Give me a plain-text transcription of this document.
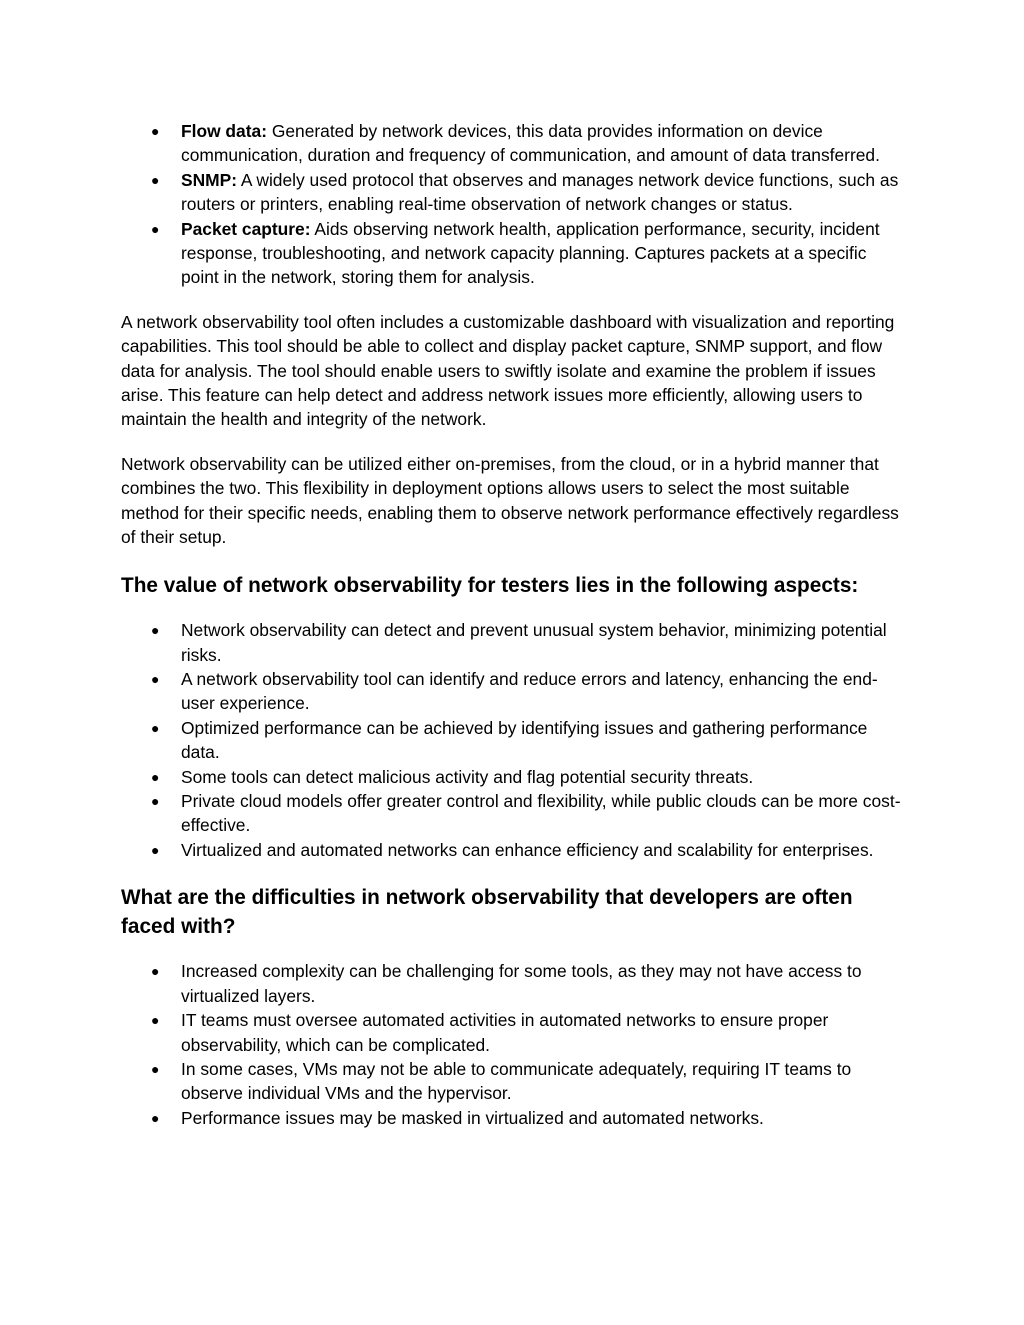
● Flow data: Generated by network devices, this data provides information on device communication, duration and frequency of communication, and amount of data transferred.
● SNMP: A widely used protocol that observes and manages network device functions, such as routers or printers, enabling real-time observation of network changes or status.
● Packet capture: Aids observing network health, application performance, security, incident response, troubleshooting, and network capacity planning. Captures packets at a specific point in the network, storing them for analysis.

A network observability tool often includes a customizable dashboard with visualization and reporting capabilities. This tool should be able to collect and display packet capture, SNMP support, and flow data for analysis. The tool should enable users to swiftly isolate and examine the problem if issues arise. This feature can help detect and address network issues more efficiently, allowing users to maintain the health and integrity of the network.

Network observability can be utilized either on-premises, from the cloud, or in a hybrid manner that combines the two. This flexibility in deployment options allows users to select the most suitable method for their specific needs, enabling them to observe network performance effectively regardless of their setup.

The value of network observability for testers lies in the following aspects:
● Network observability can detect and prevent unusual system behavior, minimizing potential risks.
● A network observability tool can identify and reduce errors and latency, enhancing the end-user experience.
● Optimized performance can be achieved by identifying issues and gathering performance data.
● Some tools can detect malicious activity and flag potential security threats.
● Private cloud models offer greater control and flexibility, while public clouds can be more cost-effective.
● Virtualized and automated networks can enhance efficiency and scalability for enterprises.
What are the difficulties in network observability that developers are often faced with?
● Increased complexity can be challenging for some tools, as they may not have access to virtualized layers.
● IT teams must oversee automated activities in automated networks to ensure proper observability, which can be complicated.
● In some cases, VMs may not be able to communicate adequately, requiring IT teams to observe individual VMs and the hypervisor.
● Performance issues may be masked in virtualized and automated networks.
